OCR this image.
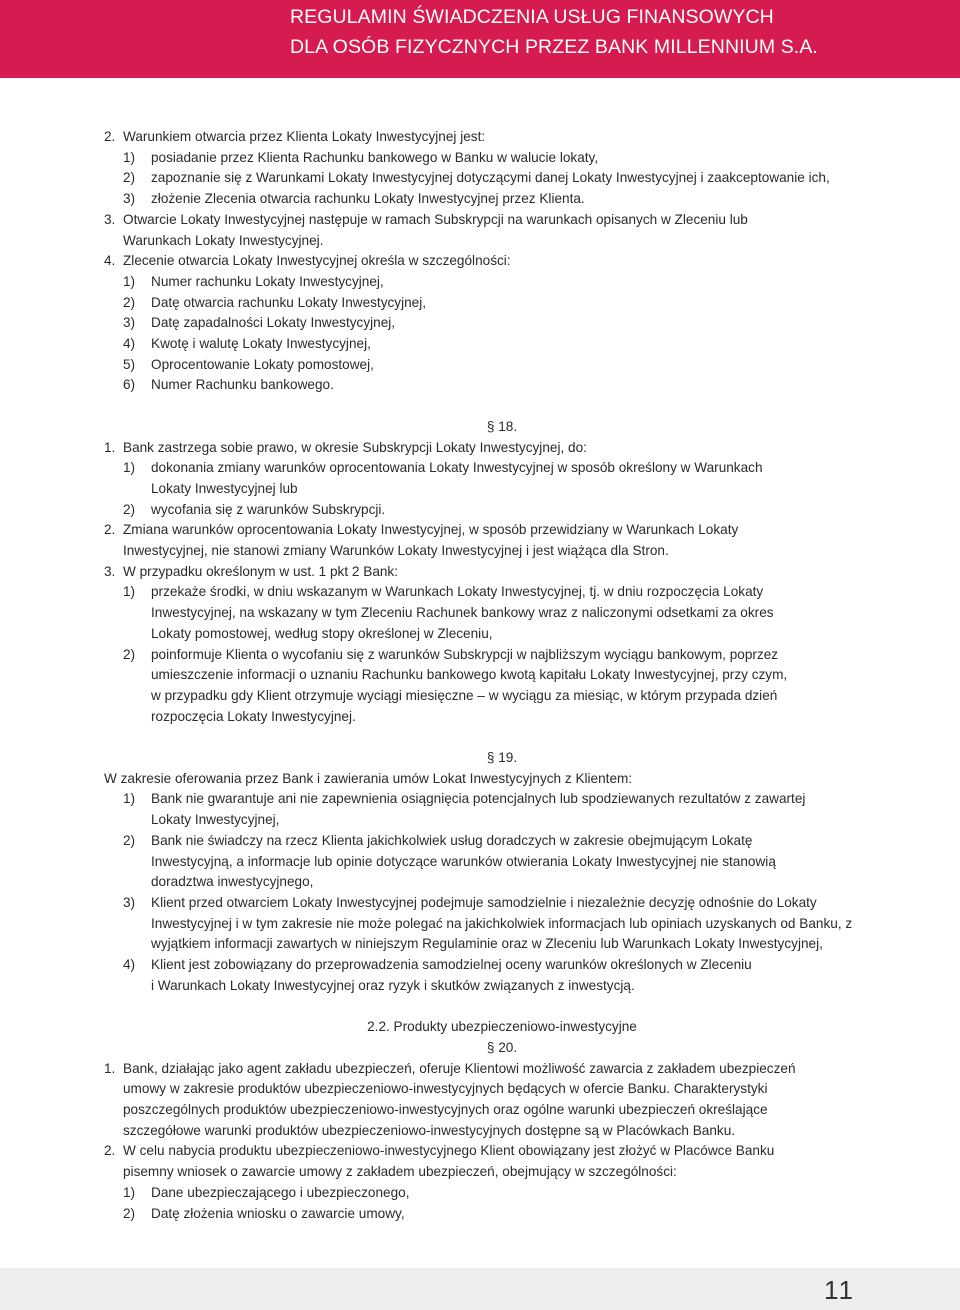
REGULAMIN ŚWIADCZENIA USŁUG FINANSOWYCH
DLA OSÓB FIZYCZNYCH PRZEZ BANK MILLENNIUM S.A.
2. Warunkiem otwarcia przez Klienta Lokaty Inwestycyjnej jest:
1) posiadanie przez Klienta Rachunku bankowego w Banku w walucie lokaty,
2) zapoznanie się z Warunkami Lokaty Inwestycyjnej dotyczącymi danej Lokaty Inwestycyjnej i zaakceptowanie ich,
3) złożenie Zlecenia otwarcia rachunku Lokaty Inwestycyjnej przez Klienta.
3. Otwarcie Lokaty Inwestycyjnej następuje w ramach Subskrypcji na warunkach opisanych w Zleceniu lub
Warunkach Lokaty Inwestycyjnej.
4. Zlecenie otwarcia Lokaty Inwestycyjnej określa w szczególności:
1) Numer rachunku Lokaty Inwestycyjnej,
2) Datę otwarcia rachunku Lokaty Inwestycyjnej,
3) Datę zapadalności Lokaty Inwestycyjnej,
4) Kwotę i walutę Lokaty Inwestycyjnej,
5) Oprocentowanie Lokaty pomostowej,
6) Numer Rachunku bankowego.
§ 18.
1. Bank zastrzega sobie prawo, w okresie Subskrypcji Lokaty Inwestycyjnej, do:
1) dokonania zmiany warunków oprocentowania Lokaty Inwestycyjnej w sposób określony w Warunkach
Lokaty Inwestycyjnej lub
2) wycofania się z warunków Subskrypcji.
2. Zmiana warunków oprocentowania Lokaty Inwestycyjnej, w sposób przewidziany w Warunkach Lokaty
Inwestycyjnej, nie stanowi zmiany Warunków Lokaty Inwestycyjnej i jest wiążąca dla Stron.
3. W przypadku określonym w ust. 1 pkt 2 Bank:
1) przekaże środki, w dniu wskazanym w Warunkach Lokaty Inwestycyjnej, tj. w dniu rozpoczęcia Lokaty
Inwestycyjnej, na wskazany w tym Zleceniu Rachunek bankowy wraz z naliczonymi odsetkami za okres
Lokaty pomostowej, według stopy określonej w Zleceniu,
2) poinformuje Klienta o wycofaniu się z warunków Subskrypcji w najbliższym wyciągu bankowym, poprzez
umieszczenie informacji o uznaniu Rachunku bankowego kwotą kapitału Lokaty Inwestycyjnej, przy czym,
w przypadku gdy Klient otrzymuje wyciągi miesięczne – w wyciągu za miesiąc, w którym przypada dzień
rozpoczęcia Lokaty Inwestycyjnej.
§ 19.
W zakresie oferowania przez Bank i zawierania umów Lokat Inwestycyjnych z Klientem:
1) Bank nie gwarantuje ani nie zapewnienia osiągnięcia potencjalnych lub spodziewanych rezultatów z zawartej
Lokaty Inwestycyjnej,
2) Bank nie świadczy na rzecz Klienta jakichkolwiek usług doradczych w zakresie obejmującym Lokatę
Inwestycyjną, a informacje lub opinie dotyczące warunków otwierania Lokaty Inwestycyjnej nie stanowią
doradztwa inwestycyjnego,
3) Klient przed otwarciem Lokaty Inwestycyjnej podejmuje samodzielnie i niezależnie decyzję odnośnie do Lokaty
Inwestycyjnej i w tym zakresie nie może polegać na jakichkolwiek informacjach lub opiniach uzyskanych od Banku, z
wyjątkiem informacji zawartych w niniejszym Regulaminie oraz w Zleceniu lub Warunkach Lokaty Inwestycyjnej,
4) Klient jest zobowiązany do przeprowadzenia samodzielnej oceny warunków określonych w Zleceniu
i Warunkach Lokaty Inwestycyjnej oraz ryzyk i skutków związanych z inwestycją.
2.2. Produkty ubezpieczeniowo-inwestycyjne
§ 20.
1. Bank, działając jako agent zakładu ubezpieczeń, oferuje Klientowi możliwość zawarcia z zakładem ubezpieczeń
umowy w zakresie produktów ubezpieczeniowo-inwestycyjnych będących w ofercie Banku. Charakterystyki
poszczególnych produktów ubezpieczeniowo-inwestycyjnych oraz ogólne warunki ubezpieczeń określające
szczegółowe warunki produktów ubezpieczeniowo-inwestycyjnych dostępne są w Placówkach Banku.
2. W celu nabycia produktu ubezpieczeniowo-inwestycyjnego Klient obowiązany jest złożyć w Placówce Banku
pisemny wniosek o zawarcie umowy z zakładem ubezpieczeń, obejmujący w szczególności:
1) Dane ubezpieczającego i ubezpieczonego,
2) Datę złożenia wniosku o zawarcie umowy,
11
